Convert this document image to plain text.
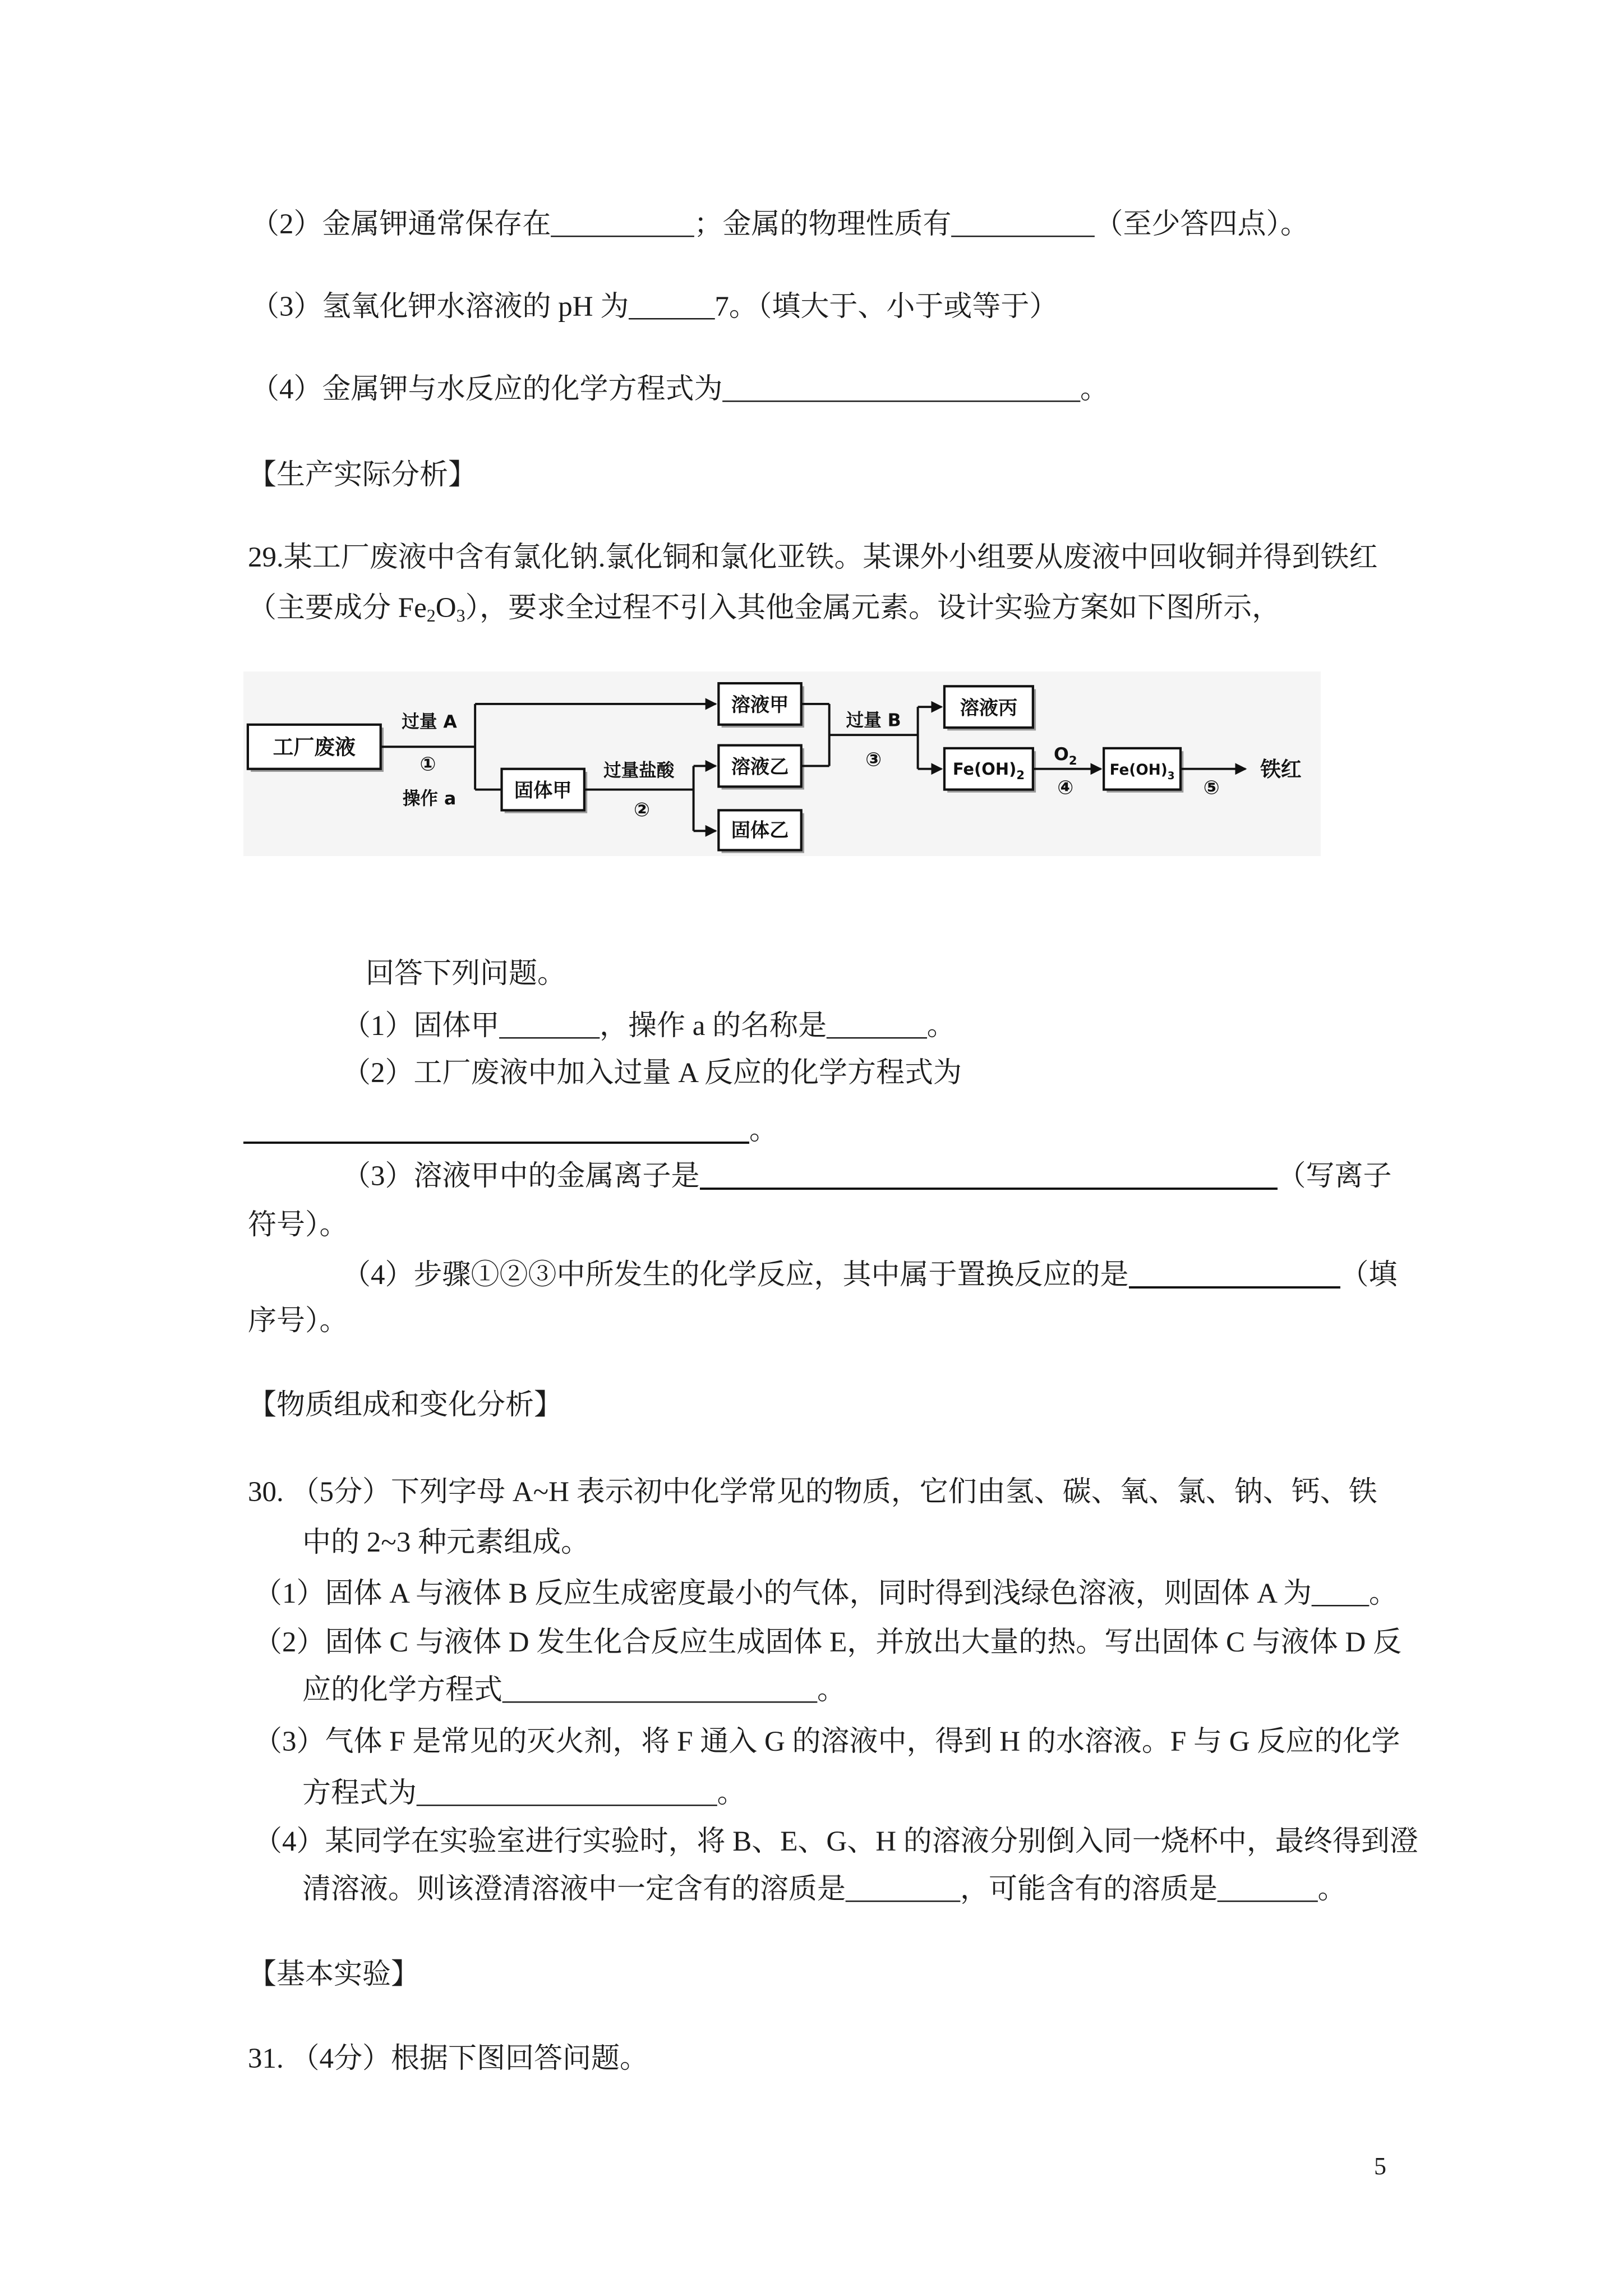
（2）金属钾通常保存在__________；金属的物理性质有__________（至少答四点）。
（3）氢氧化钾水溶液的 pH 为______7。（填大于、小于或等于）
（4）金属钾与水反应的化学方程式为_________________________。
【生产实际分析】
29.某工厂废液中含有氯化钠.氯化铜和氯化亚铁。某课外小组要从废液中回收铜并得到铁红
（主要成分 $Fe_2O_3$），要求全过程不引入其他金属元素。设计实验方案如下图所示，
工厂废液
过量 A
①
操作 a
溶液甲
固体甲
过量盐酸
②
溶液乙
固体乙
过量 B
③
溶液丙
$Fe(OH)_2$
$O_2$
④
$Fe(OH)_3$
⑤
铁红
回答下列问题。
（1）固体甲_______，操作 a 的名称是_______。
（2）工厂废液中加入过量 A 反应的化学方程式为
。
（3）溶液甲中的金属离子是	（写离子
符号）。
（4）步骤①②③中所发生的化学反应，其中属于置换反应的是	（填
序号）。
【物质组成和变化分析】
30. （5分）下列字母 A~H 表示初中化学常见的物质，它们由氢、碳、氧、氯、钠、钙、铁
中的 2~3 种元素组成。
（1）固体 A 与液体 B 反应生成密度最小的气体，同时得到浅绿色溶液，则固体 A 为____。
（2）固体 C 与液体 D 发生化合反应生成固体 E，并放出大量的热。写出固体 C 与液体 D 反
应的化学方程式______________________。
（3）气体 F 是常见的灭火剂，将 F 通入 G 的溶液中，得到 H 的水溶液。F 与 G 反应的化学
方程式为_____________________。
（4）某同学在实验室进行实验时，将 B、E、G、H 的溶液分别倒入同一烧杯中，最终得到澄
清溶液。则该澄清溶液中一定含有的溶质是________，可能含有的溶质是_______。
【基本实验】
31. （4分）根据下图回答问题。
5
